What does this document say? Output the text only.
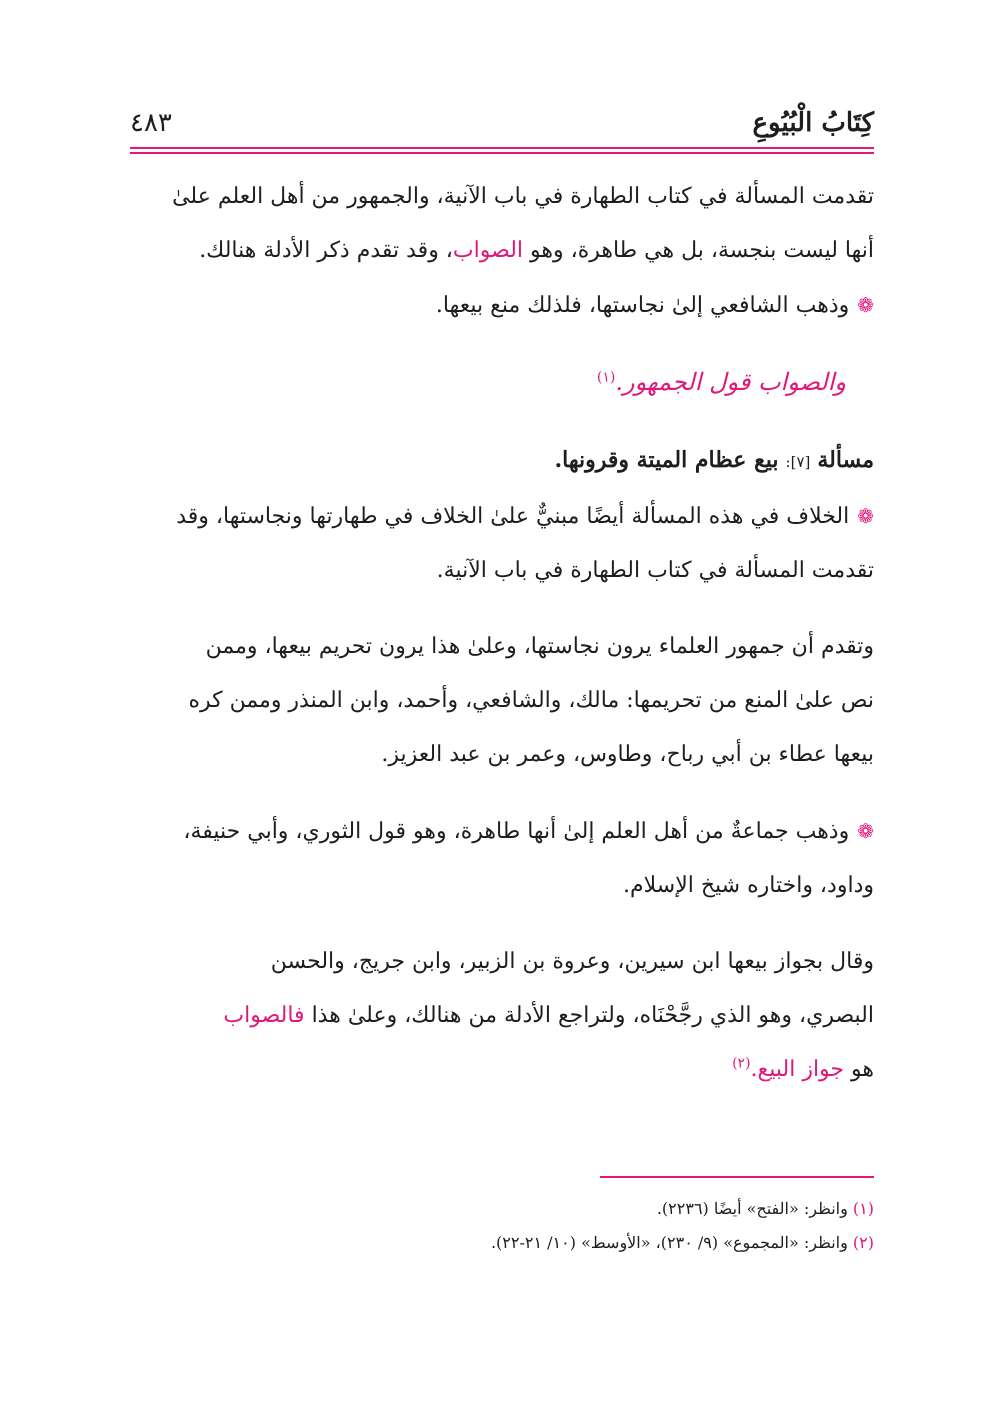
كِتَابُ الْبُيُوعِ
٤٨٣

تقدمت المسألة في كتاب الطهارة في باب الآنية، والجمهور من أهل العلم علىٰ
أنها ليست بنجسة، بل هي طاهرة، وهو الصواب، وقد تقدم ذكر الأدلة هنالك.

❁وذهب الشافعي إلىٰ نجاستها، فلذلك منع بيعها.

والصواب قول الجمهور.$^{(١)}$

مسألة [٧]: بيع عظام الميتة وقرونها.

❁الخلاف في هذه المسألة أيضًا مبنيٌّ علىٰ الخلاف في طهارتها ونجاستها، وقد
تقدمت المسألة في كتاب الطهارة في باب الآنية.

وتقدم أن جمهور العلماء يرون نجاستها، وعلىٰ هذا يرون تحريم بيعها، وممن
نص علىٰ المنع من تحريمها: مالك، والشافعي، وأحمد، وابن المنذر وممن كره
بيعها عطاء بن أبي رباح، وطاوس، وعمر بن عبد العزيز.

❁وذهب جماعةٌ من أهل العلم إلىٰ أنها طاهرة، وهو قول الثوري، وأبي حنيفة،
وداود، واختاره شيخ الإسلام.

وقال بجواز بيعها ابن سيرين، وعروة بن الزبير، وابن جريج، والحسن
البصري، وهو الذي رجَّحْنَاه، ولتراجع الأدلة من هنالك، وعلىٰ هذا فالصواب
هو جواز البيع.$^{(٢)}$

(١) وانظر: «الفتح» أيضًا (٢٢٣٦).
(٢) وانظر: «المجموع» (٩/ ٢٣٠)، «الأوسط» (١٠/ ٢١-٢٢).
